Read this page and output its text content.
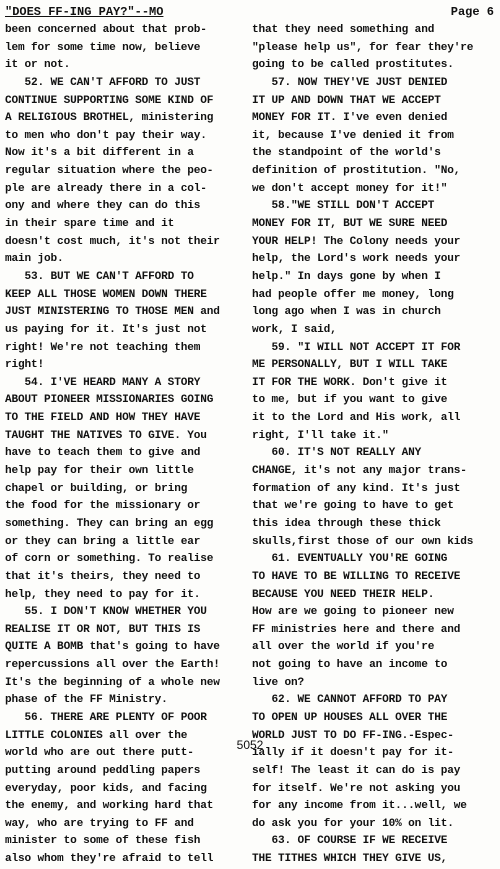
"DOES FF-ING PAY?"--MO	Page 6
been concerned about that prob-
lem for some time now, believe
it or not.
52. WE CAN'T AFFORD TO JUST
CONTINUE SUPPORTING SOME KIND OF
A RELIGIOUS BROTHEL, ministering
to men who don't pay their way.
Now it's a bit different in a
regular situation where the peo-
ple are already there in a col-
ony and where they can do this
in their spare time and it
doesn't cost much, it's not their
main job.
53. BUT WE CAN'T AFFORD TO
KEEP ALL THOSE WOMEN DOWN THERE
JUST MINISTERING TO THOSE MEN and
us paying for it. It's just not
right! We're not teaching them
right!
54. I'VE HEARD MANY A STORY
ABOUT PIONEER MISSIONARIES GOING
TO THE FIELD AND HOW THEY HAVE
TAUGHT THE NATIVES TO GIVE. You
have to teach them to give and
help pay for their own little
chapel or building, or bring
the food for the missionary or
something. They can bring an egg
or they can bring a little ear
of corn or something. To realise
that it's theirs, they need to
help, they need to pay for it.
55. I DON'T KNOW WHETHER YOU
REALISE IT OR NOT, BUT THIS IS
QUITE A BOMB that's going to have
repercussions all over the Earth!
It's the beginning of a whole new
phase of the FF Ministry.
56. THERE ARE PLENTY OF POOR
LITTLE COLONIES all over the
world who are out there putt-
putting around peddling papers
everyday, poor kids, and facing
the enemy, and working hard that
way, who are trying to FF and
minister to some of these fish
also whom they're afraid to tell
that they need something and
"please help us", for fear they're
going to be called prostitutes.
57. NOW THEY'VE JUST DENIED
IT UP AND DOWN THAT WE ACCEPT
MONEY FOR IT. I've even denied
it, because I've denied it from
the standpoint of the world's
definition of prostitution. "No,
we don't accept money for it!"
58."WE STILL DON'T ACCEPT
MONEY FOR IT, BUT WE SURE NEED
YOUR HELP! The Colony needs your
help, the Lord's work needs your
help." In days gone by when I
had people offer me money, long
long ago when I was in church
work, I said,
59. "I WILL NOT ACCEPT IT FOR
ME PERSONALLY, BUT I WILL TAKE
IT FOR THE WORK. Don't give it
to me, but if you want to give
it to the Lord and His work, all
right, I'll take it."
60. IT'S NOT REALLY ANY
CHANGE, it's not any major trans-
formation of any kind. It's just
that we're going to have to get
this idea through these thick
skulls,first those of our own kids
61. EVENTUALLY YOU'RE GOING
TO HAVE TO BE WILLING TO RECEIVE
BECAUSE YOU NEED THEIR HELP.
How are we going to pioneer new
FF ministries here and there and
all over the world if you're
not going to have an income to
live on?
62. WE CANNOT AFFORD TO PAY
TO OPEN UP HOUSES ALL OVER THE
WORLD JUST TO DO FF-ING.-Espec-
ially if it doesn't pay for it-
self! The least it can do is pay
for itself. We're not asking you
for any income from it...well, we
do ask you for your 10% on lit.
63. OF COURSE IF WE RECEIVE
THE TITHES WHICH THEY GIVE US,
5052
